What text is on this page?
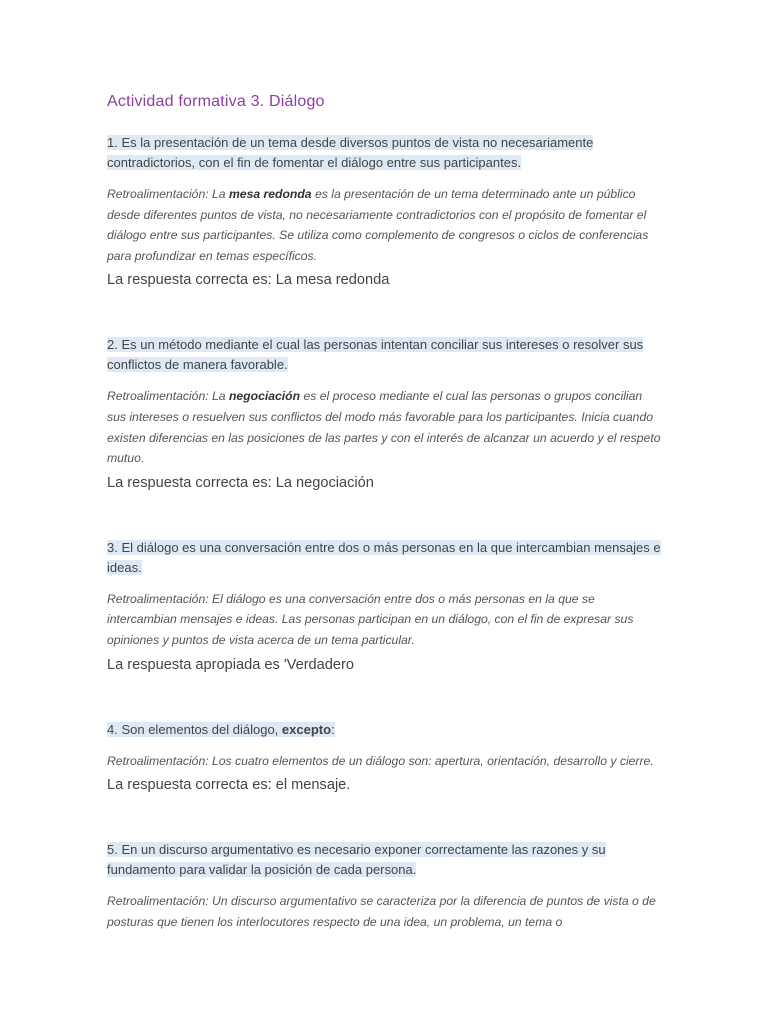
Actividad formativa 3. Diálogo

1. Es la presentación de un tema desde diversos puntos de vista no necesariamente contradictorios, con el fin de fomentar el diálogo entre sus participantes.

Retroalimentación: La mesa redonda es la presentación de un tema determinado ante un público desde diferentes puntos de vista, no necesariamente contradictorios con el propósito de fomentar el diálogo entre sus participantes. Se utiliza como complemento de congresos o ciclos de conferencias para profundizar en temas específicos.

La respuesta correcta es: La mesa redonda

2. Es un método mediante el cual las personas intentan conciliar sus intereses o resolver sus conflictos de manera favorable.

Retroalimentación: La negociación es el proceso mediante el cual las personas o grupos concilian sus intereses o resuelven sus conflictos del modo más favorable para los participantes. Inicia cuando existen diferencias en las posiciones de las partes y con el interés de alcanzar un acuerdo y el respeto mutuo.

La respuesta correcta es: La negociación

3. El diálogo es una conversación entre dos o más personas en la que intercambian mensajes e ideas.

Retroalimentación: El diálogo es una conversación entre dos o más personas en la que se intercambian mensajes e ideas. Las personas participan en un diálogo, con el fin de expresar sus opiniones y puntos de vista acerca de un tema particular.

La respuesta apropiada es 'Verdadero

4. Son elementos del diálogo, excepto:

Retroalimentación: Los cuatro elementos de un diálogo son: apertura, orientación, desarrollo y cierre.

La respuesta correcta es: el mensaje.

5. En un discurso argumentativo es necesario exponer correctamente las razones y su fundamento para validar la posición de cada persona.

Retroalimentación: Un discurso argumentativo se caracteriza por la diferencia de puntos de vista o de posturas que tienen los interlocutores respecto de una idea, un problema, un tema o
